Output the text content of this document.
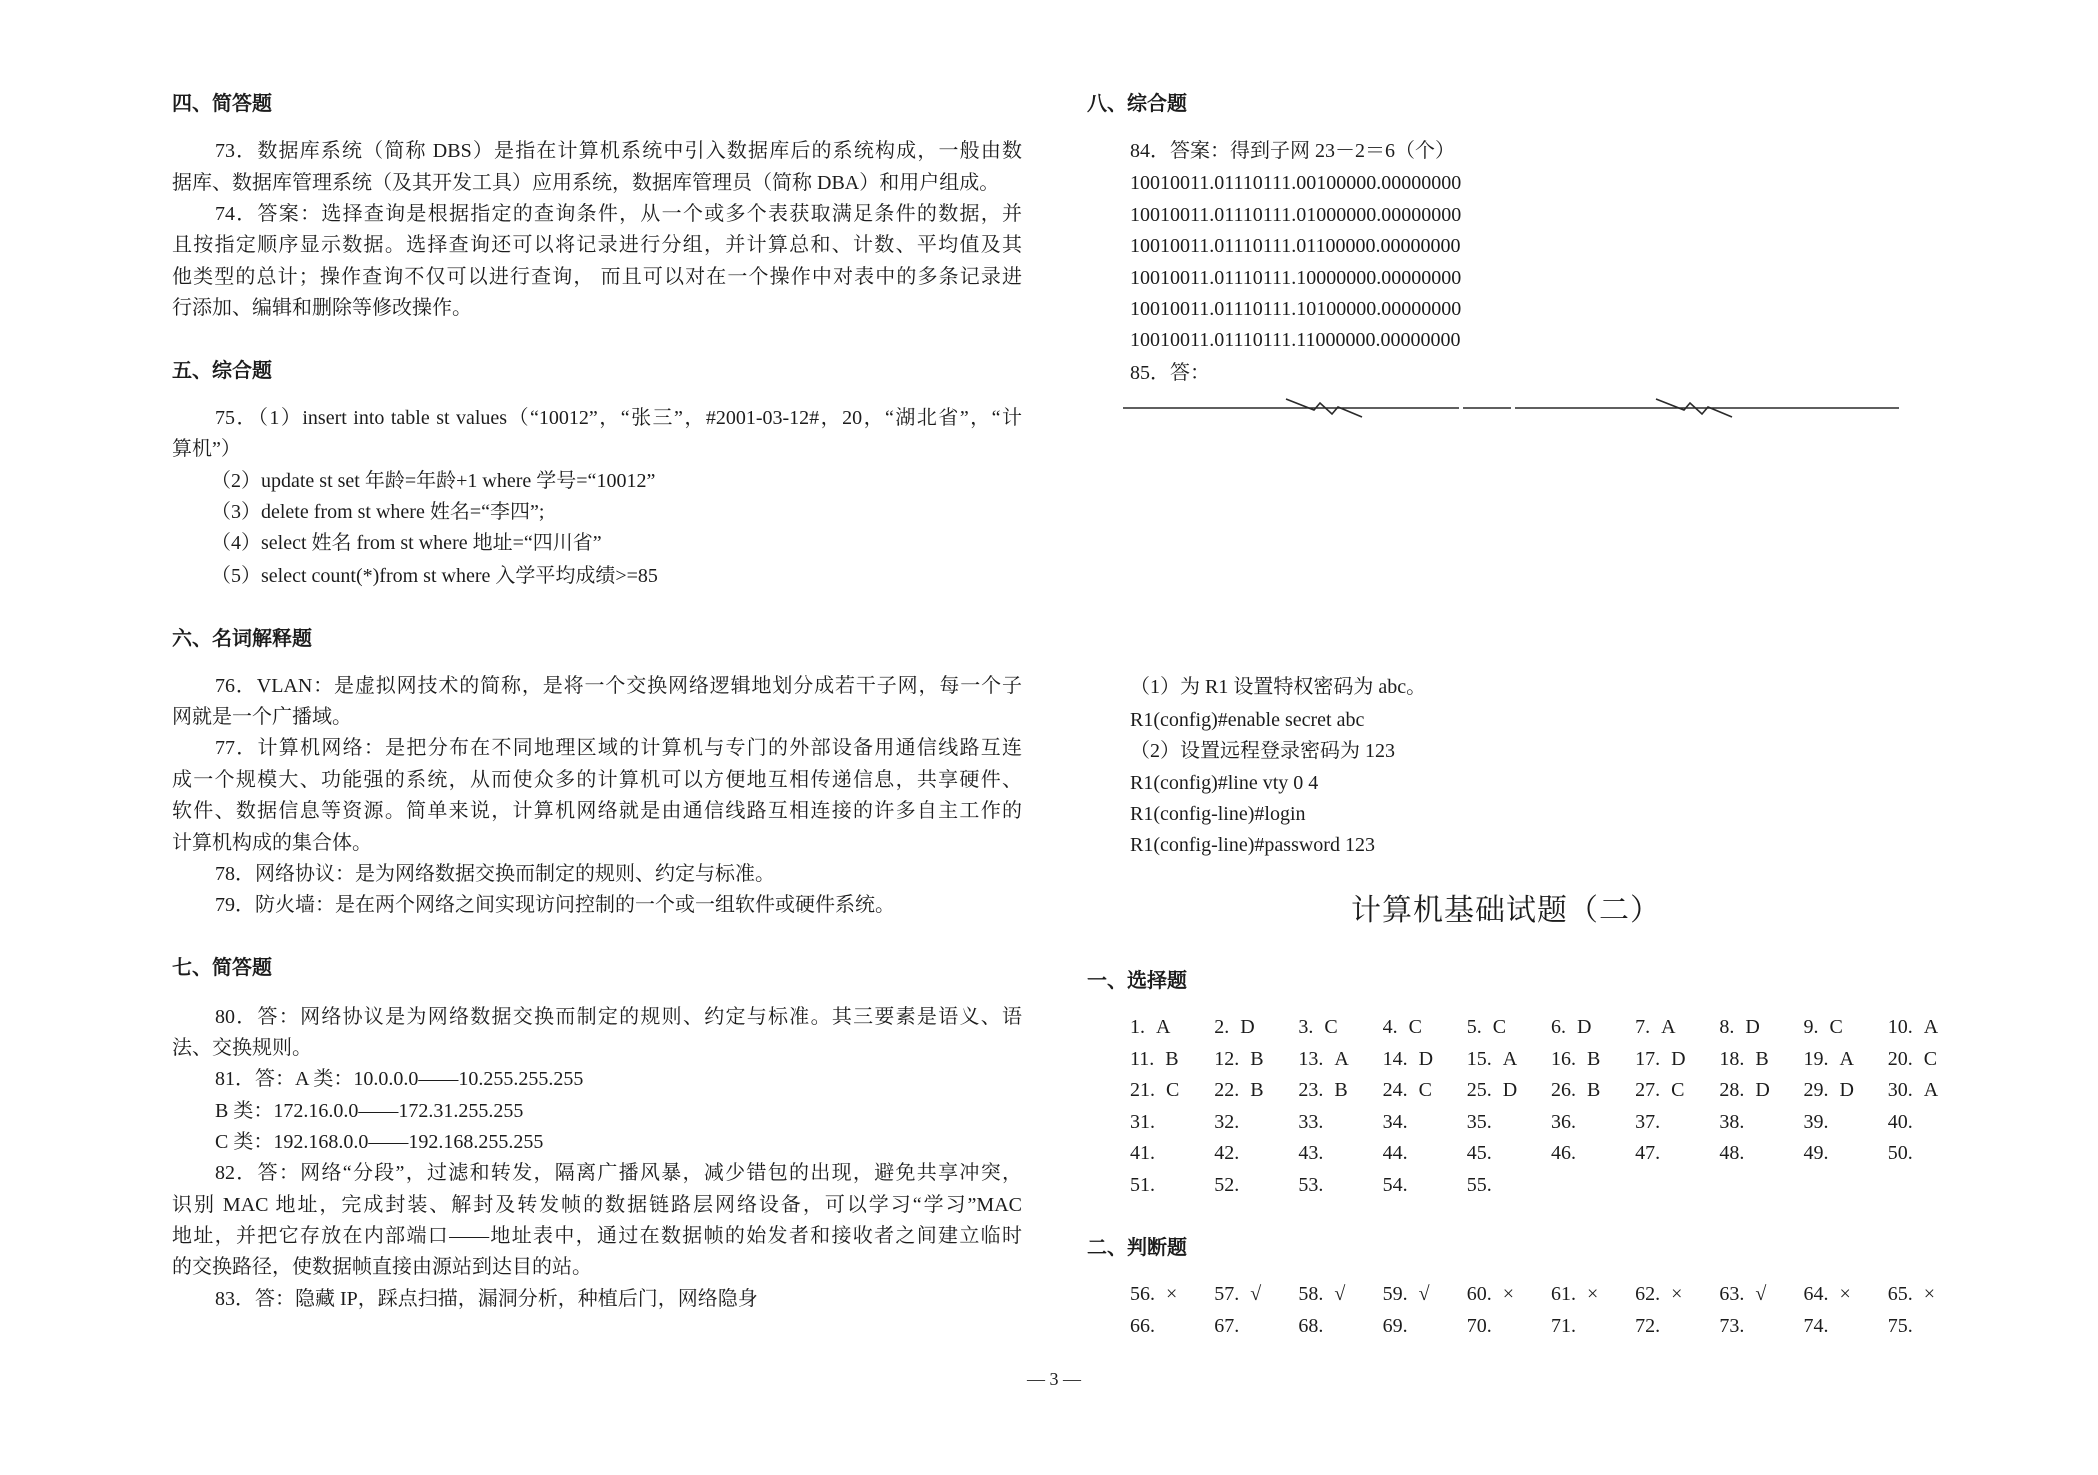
四、简答题
73．数据库系统（简称 DBS）是指在计算机系统中引入数据库后的系统构成，一般由数
据库、数据库管理系统（及其开发工具）应用系统，数据库管理员（简称 DBA）和用户组成。
74．答案：选择查询是根据指定的查询条件，从一个或多个表获取满足条件的数据，并
且按指定顺序显示数据。选择查询还可以将记录进行分组，并计算总和、计数、平均值及其
他类型的总计；操作查询不仅可以进行查询， 而且可以对在一个操作中对表中的多条记录进
行添加、编辑和删除等修改操作。
五、综合题
75．（1）insert into table st values（“10012”，“张三”，#2001-03-12#，20，“湖北省”，“计
算机”）
（2）update st set 年龄=年龄+1 where 学号=“10012”
（3）delete from st where 姓名=“李四”;
（4）select 姓名 from st where 地址=“四川省”
（5）select count(*)from st where 入学平均成绩>=85
六、名词解释题
76．VLAN：是虚拟网技术的简称，是将一个交换网络逻辑地划分成若干子网，每一个子
网就是一个广播域。
77．计算机网络：是把分布在不同地理区域的计算机与专门的外部设备用通信线路互连
成一个规模大、功能强的系统，从而使众多的计算机可以方便地互相传递信息，共享硬件、
软件、数据信息等资源。简单来说，计算机网络就是由通信线路互相连接的许多自主工作的
计算机构成的集合体。
78．网络协议：是为网络数据交换而制定的规则、约定与标准。
79．防火墙：是在两个网络之间实现访问控制的一个或一组软件或硬件系统。
七、简答题
80．答：网络协议是为网络数据交换而制定的规则、约定与标准。其三要素是语义、语
法、交换规则。
81．答：A 类：10.0.0.0——10.255.255.255
B 类：172.16.0.0——172.31.255.255
C 类：192.168.0.0——192.168.255.255
82．答：网络“分段”，过滤和转发，隔离广播风暴，减少错包的出现，避免共享冲突，
识别 MAC 地址，完成封装、解封及转发帧的数据链路层网络设备，可以学习“学习”MAC
地址，并把它存放在内部端口——地址表中，通过在数据帧的始发者和接收者之间建立临时
的交换路径，使数据帧直接由源站到达目的站。
83．答：隐藏 IP，踩点扫描，漏洞分析，种植后门，网络隐身
八、综合题
84．答案：得到子网 23－2＝6（个）
10010011.01110111.00100000.00000000
10010011.01110111.01000000.00000000
10010011.01110111.01100000.00000000
10010011.01110111.10000000.00000000
10010011.01110111.10100000.00000000
10010011.01110111.11000000.00000000
85．答：
（1）为 R1 设置特权密码为 abc。
R1(config)#enable secret abc
（2）设置远程登录密码为 123
R1(config)#line vty 0 4
R1(config-line)#login
R1(config-line)#password 123
计算机基础试题（二）
一、选择题
1. A	2. D	3. C	4. C	5. C	6. D	7. A	8. D	9. C	10. A
11. B	12. B	13. A	14. D	15. A	16. B	17. D	18. B	19. A	20. C
21. C	22. B	23. B	24. C	25. D	26. B	27. C	28. D	29. D	30. A
31.	32.	33.	34.	35.	36.	37.	38.	39.	40.
41.	42.	43.	44.	45.	46.	47.	48.	49.	50.
51.	52.	53.	54.	55.
二、判断题
56. ×	57. √	58. √	59. √	60. ×	61. ×	62. ×	63. √	64. ×	65. ×
66.	67.	68.	69.	70.	71.	72.	73.	74.	75.
— 3 —
